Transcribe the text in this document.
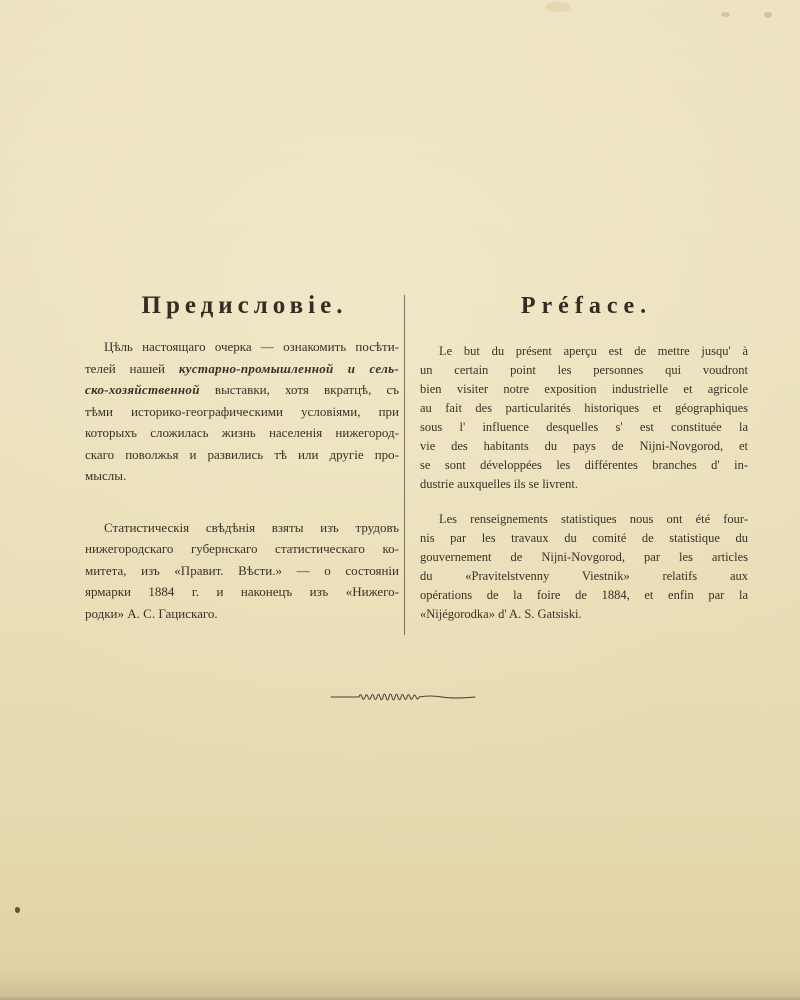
Предисловіе.

Цѣль настоящаго очерка — ознакомить посѣти-
телей нашей кустарно-промышленной и сель-
ско-хозяйственной выставки, хотя вкратцѣ, съ
тѣми историко-географическими условіями, при
которыхъ сложилась жизнь населенія нижегород-
скаго поволжья и развились тѣ или другіе про-
мыслы.

Статистическія свѣдѣнія взяты изъ трудовъ
нижегородскаго губернскаго статистическаго ко-
митета, изъ «Правит. Вѣсти.» — о состояніи
ярмарки 1884 г. и наконецъ изъ «Нижего-
родки» А. С. Гацискаго.

Préface.

Le but du présent aperçu est de mettre jusqu' à
un certain point les personnes qui voudront
bien visiter notre exposition industrielle et agricole
au fait des particularités historiques et géographiques
sous l' influence desquelles s' est constituée la
vie des habitants du pays de Nijni-Novgorod, et
se sont développées les différentes branches d' in-
dustrie auxquelles ils se livrent.

Les renseignements statistiques nous ont été four-
nis par les travaux du comité de statistique du
gouvernement de Nijni-Novgorod, par les articles
du «Pravitelstvenny Viestnik» relatifs aux
opérations de la foire de 1884, et enfin par la
«Nijégorodka» d' A. S. Gatsiski.
